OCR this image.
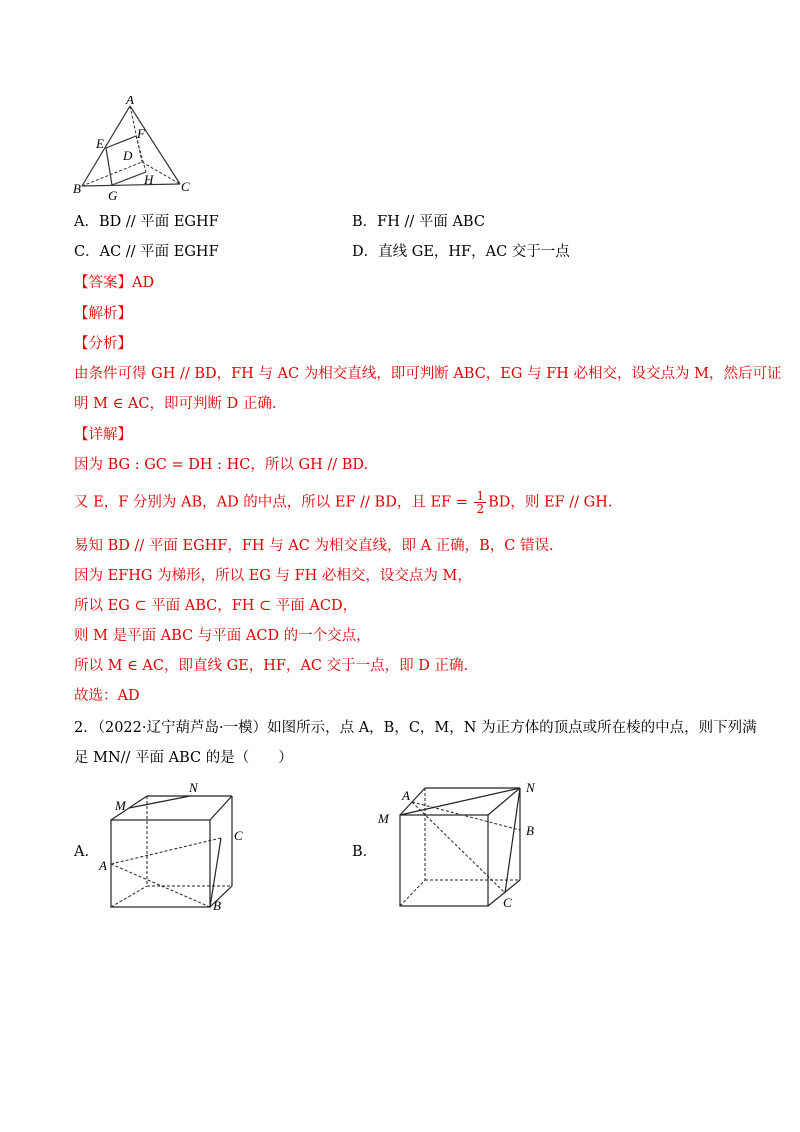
A
E
F
D
B G
H C
A．BD // 平面 EGHF	B．FH // 平面 ABC
C．AC // 平面 EGHF	D．直线 GE，HF，AC 交于一点
【答案】AD
【解析】
【分析】
由条件可得 GH // BD，FH 与 AC 为相交直线，即可判断 ABC，EG 与 FH 必相交，设交点为 M，然后可证
明 M ∈ AC，即可判断 D 正确.
【详解】
因为 BG : GC = DH : HC，所以 GH // BD.
又 E，F 分别为 AB，AD 的中点，所以 EF // BD，且 EF = $\frac{1}{2}$ BD，则 EF // GH.
易知 BD // 平面 EGHF，FH 与 AC 为相交直线，即 A 正确，B，C 错误.
因为 EFHG 为梯形，所以 EG 与 FH 必相交，设交点为 M，
所以 EG ⊂ 平面 ABC，FH ⊂ 平面 ACD，
则 M 是平面 ABC 与平面 ACD 的一个交点，
所以 M ∈ AC，即直线 GE，HF，AC 交于一点，即 D 正确.
故选：AD
2．（2022·辽宁葫芦岛·一模）如图所示，点 A，B，C，M，N 为正方体的顶点或所在棱的中点，则下列满
足 MN// 平面 ABC 的是（　　）
A．
M
N
C
A
B
B．
A
N
M
B
C
